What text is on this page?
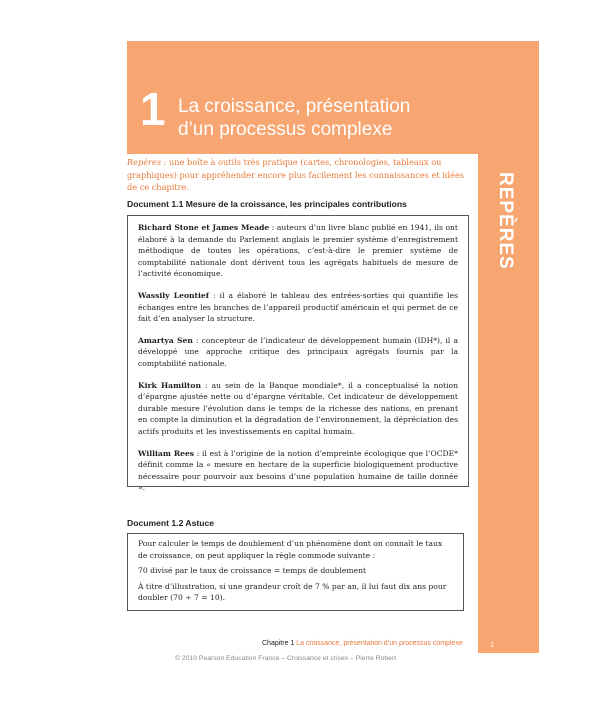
1 La croissance, présentation
d’un processus complexe
REPÈRES
Repères : une boîte à outils très pratique (cartes, chronologies, tableaux ou graphiques) pour appréhender encore plus facilement les connaissances et idées de ce chapitre.
Document 1.1 Mesure de la croissance, les principales contributions

Richard Stone et James Meade : auteurs d’un livre blanc publié en 1941, ils ont élaboré à la demande du Parlement anglais le premier système d’enregistrement méthodique de toutes les opérations, c’est-à-dire le premier système de comptabilité nationale dont dérivent tous les agrégats habituels de mesure de l’activité économique.

Wassily Leontief : il a élaboré le tableau des entrées-sorties qui quantifie les échanges entre les branches de l’appareil productif américain et qui permet de ce fait d’en analyser la structure.

Amartya Sen : concepteur de l’indicateur de développement humain (IDH*), il a développé une approche critique des principaux agrégats fournis par la comptabilité nationale.

Kirk Hamilton : au sein de la Banque mondiale*, il a conceptualisé la notion d’épargne ajustée nette ou d’épargne véritable. Cet indicateur de développement durable mesure l’évolution dans le temps de la richesse des nations, en prenant en compte la diminution et la dégradation de l’environnement, la dépréciation des actifs produits et les investissements en capital humain.

William Rees : il est à l’origine de la notion d’empreinte écologique que l’OCDE* définit comme la « mesure en hectare de la superficie biologiquement productive nécessaire pour pourvoir aux besoins d’une population humaine de taille donnée ».

Document 1.2 Astuce

Pour calculer le temps de doublement d’un phénomène dont on connaît le taux de croissance, on peut appliquer la règle commode suivante :

70 divisé par le taux de croissance = temps de doublement

À titre d’illustration, si une grandeur croît de 7 % par an, il lui faut dix ans pour doubler (70 ÷ 7 = 10).

Chapitre 1 La croissance, présentation d’un processus complexe	1
© 2010 Pearson Education France – Croissance et crises – Pierre Robert
